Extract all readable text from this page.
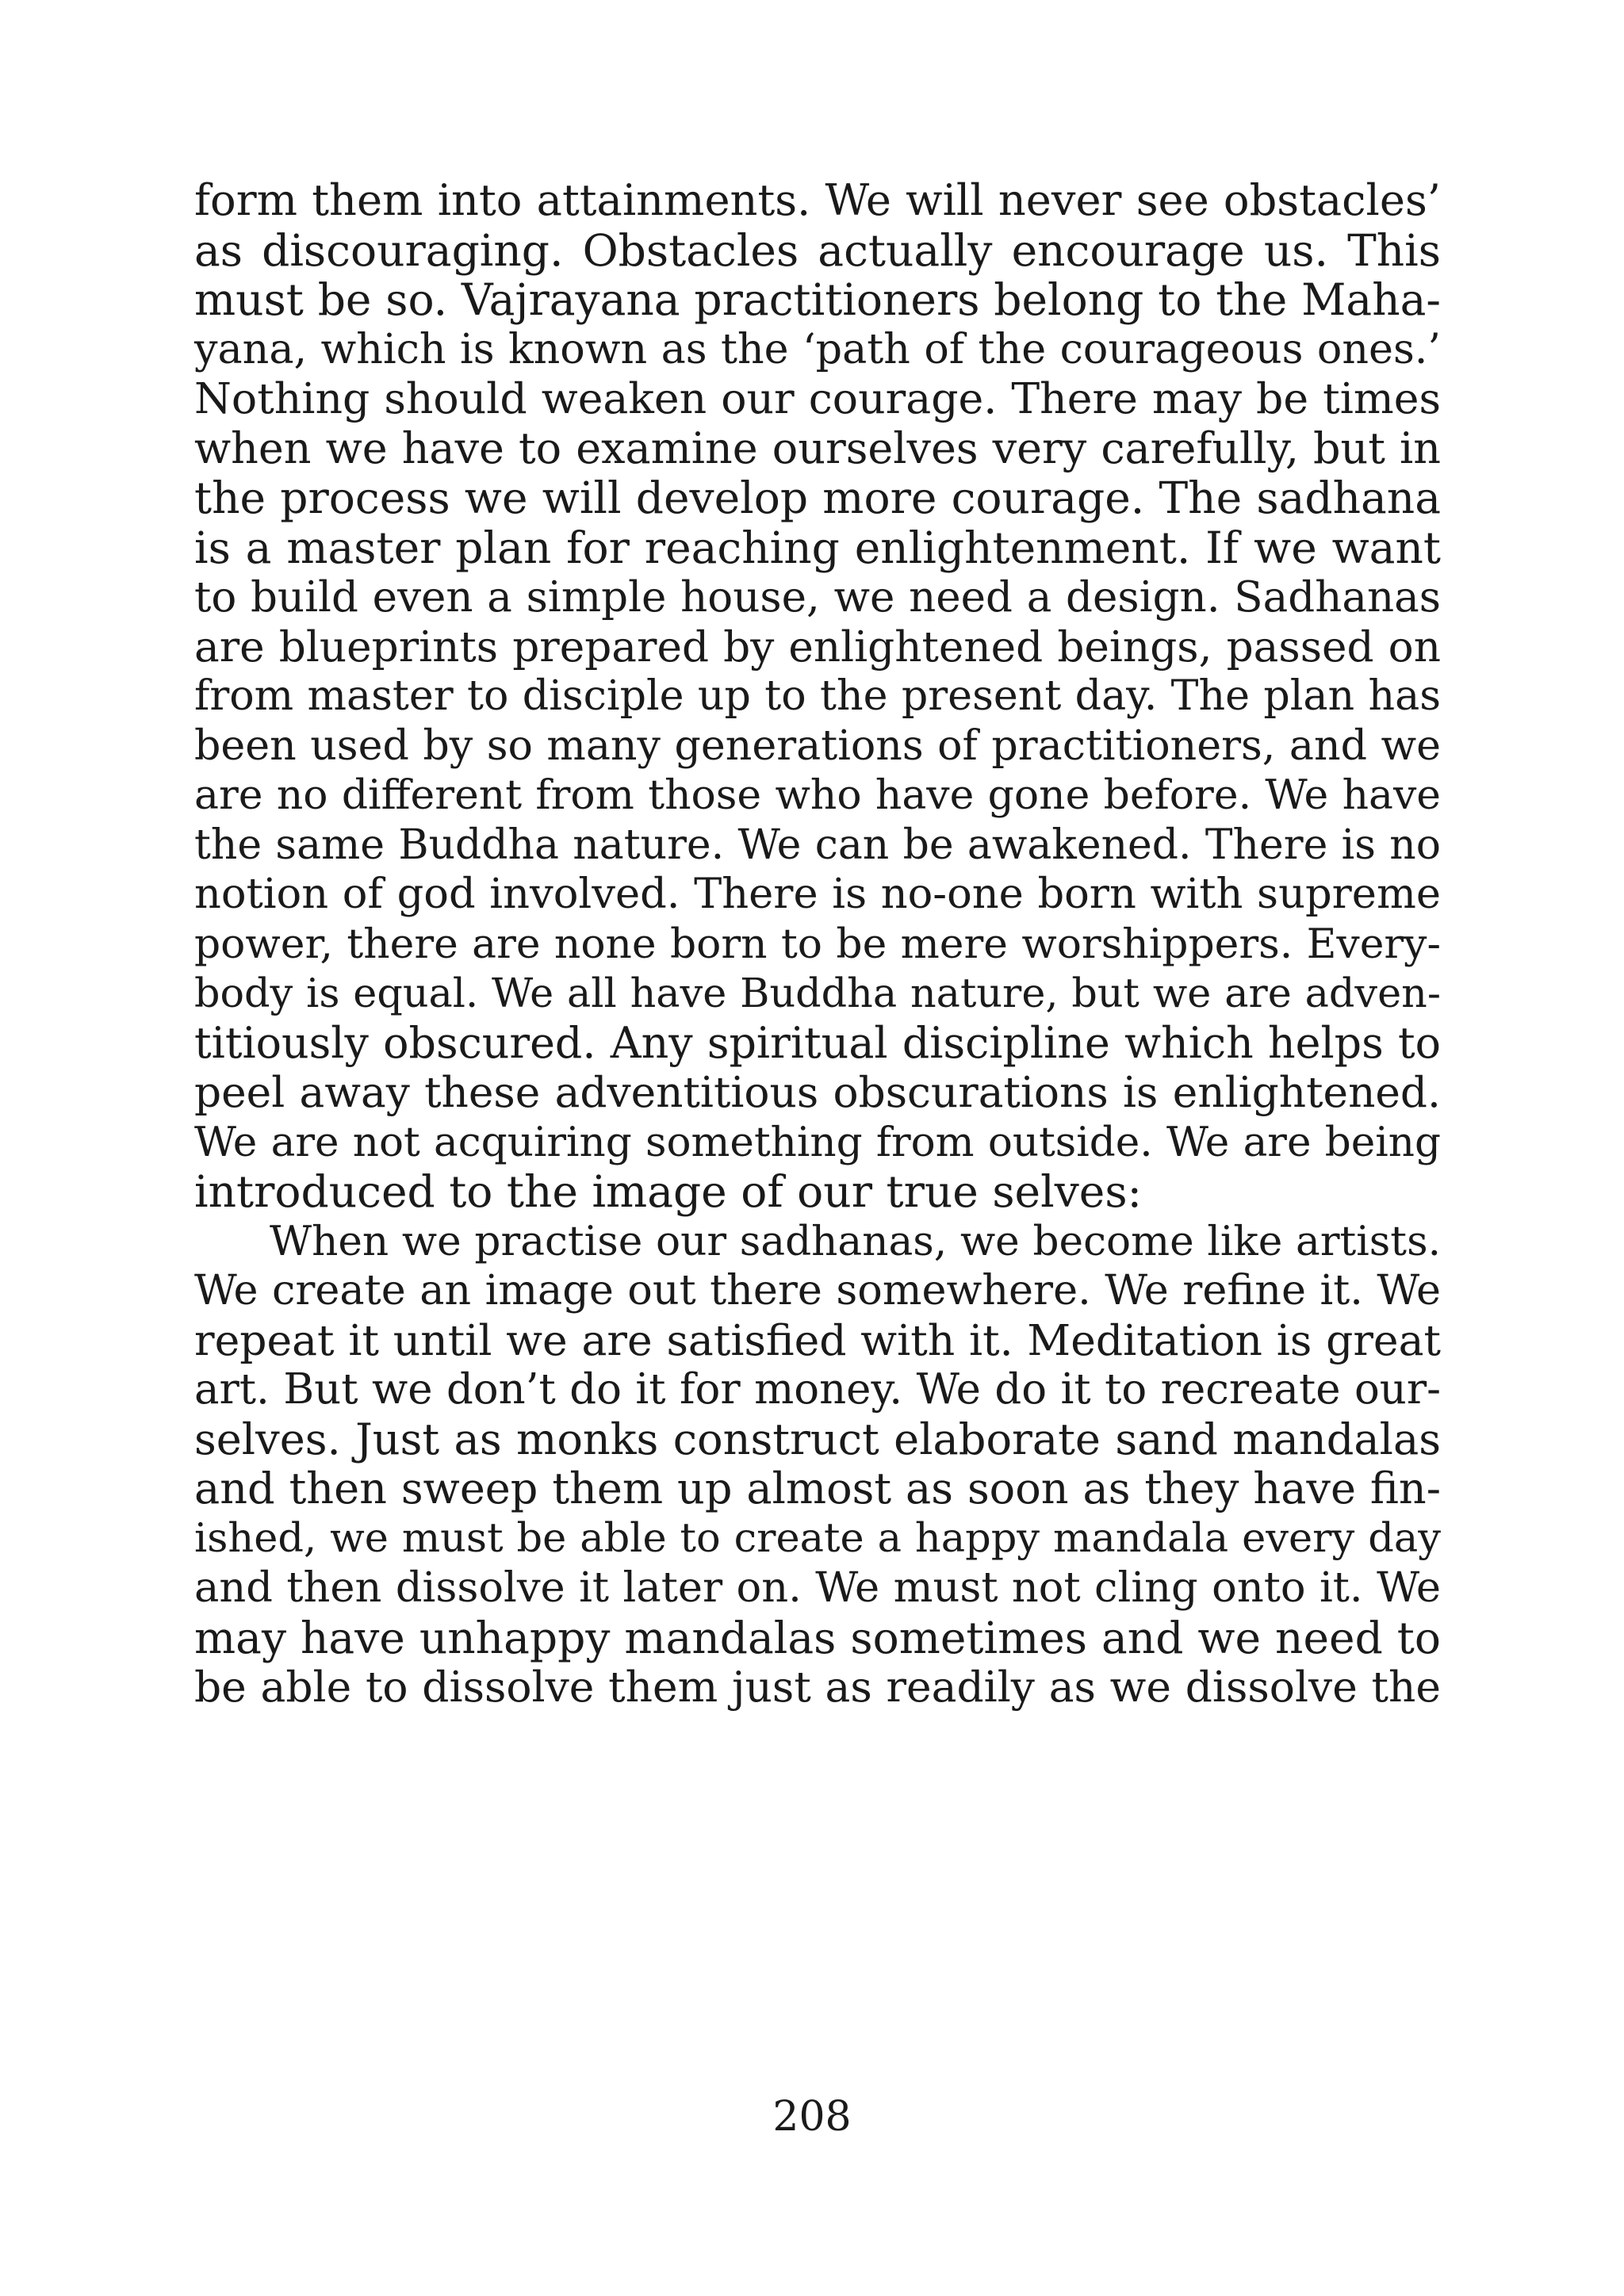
form them into attainments. We will never see obstacles’
as discouraging. Obstacles actually encourage us. This
must be so. Vajrayana practitioners belong to the Maha-
yana, which is known as the ‘path of the courageous ones.’
Nothing should weaken our courage. There may be times
when we have to examine ourselves very carefully, but in
the process we will develop more courage. The sadhana
is a master plan for reaching enlightenment. If we want
to build even a simple house, we need a design. Sadhanas
are blueprints prepared by enlightened beings, passed on
from master to disciple up to the present day. The plan has
been used by so many generations of practitioners, and we
are no different from those who have gone before. We have
the same Buddha nature. We can be awakened. There is no
notion of god involved. There is no-one born with supreme
power, there are none born to be mere worshippers. Every-
body is equal. We all have Buddha nature, but we are adven-
titiously obscured. Any spiritual discipline which helps to
peel away these adventitious obscurations is enlightened.
We are not acquiring something from outside. We are being
introduced to the image of our true selves:
When we practise our sadhanas, we become like artists.
We create an image out there somewhere. We refine it. We
repeat it until we are satisfied with it. Meditation is great
art. But we don’t do it for money. We do it to recreate our-
selves. Just as monks construct elaborate sand mandalas
and then sweep them up almost as soon as they have fin-
ished, we must be able to create a happy mandala every day
and then dissolve it later on. We must not cling onto it. We
may have unhappy mandalas sometimes and we need to
be able to dissolve them just as readily as we dissolve the
208
